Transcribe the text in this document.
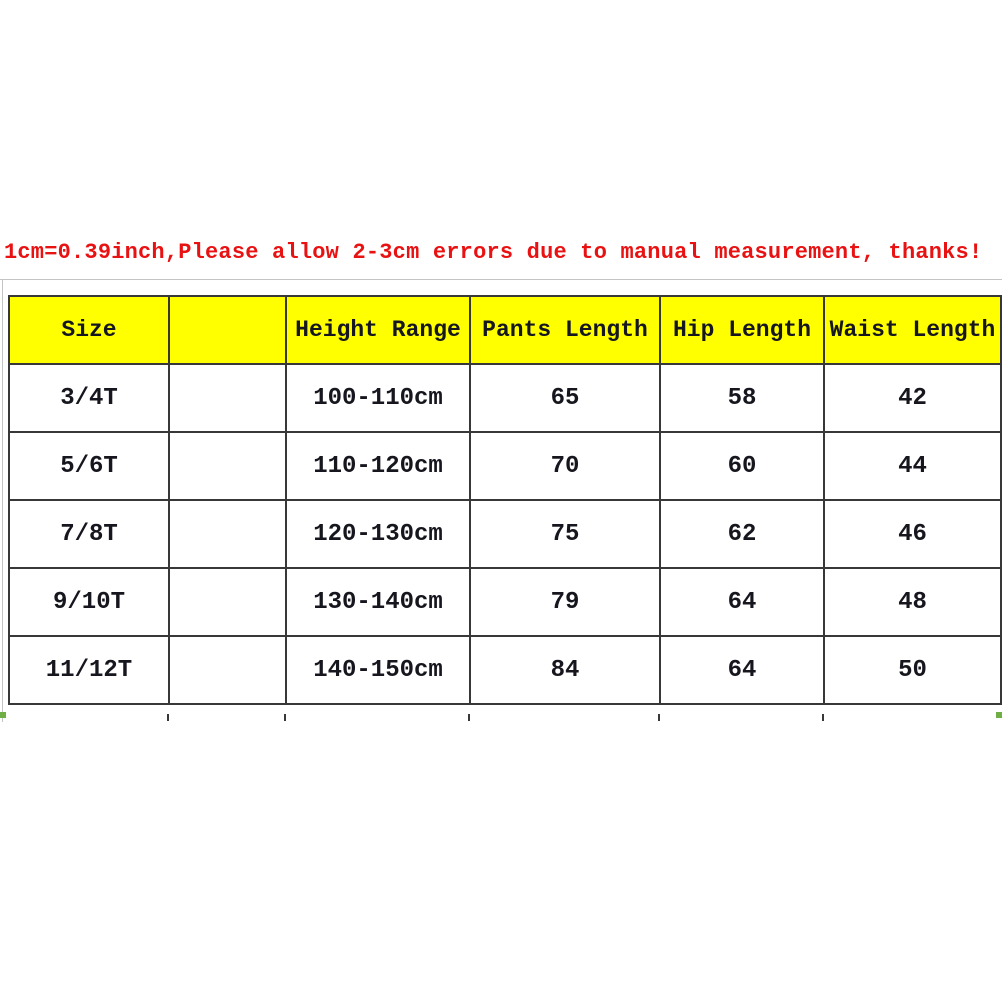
1cm=0.39inch,Please allow 2-3cm errors due to manual measurement, thanks!
Size		Height Range	Pants Length	Hip Length	Waist Length
3/4T		100-110cm	65	58	42
5/6T		110-120cm	70	60	44
7/8T		120-130cm	75	62	46
9/10T		130-140cm	79	64	48
11/12T		140-150cm	84	64	50
